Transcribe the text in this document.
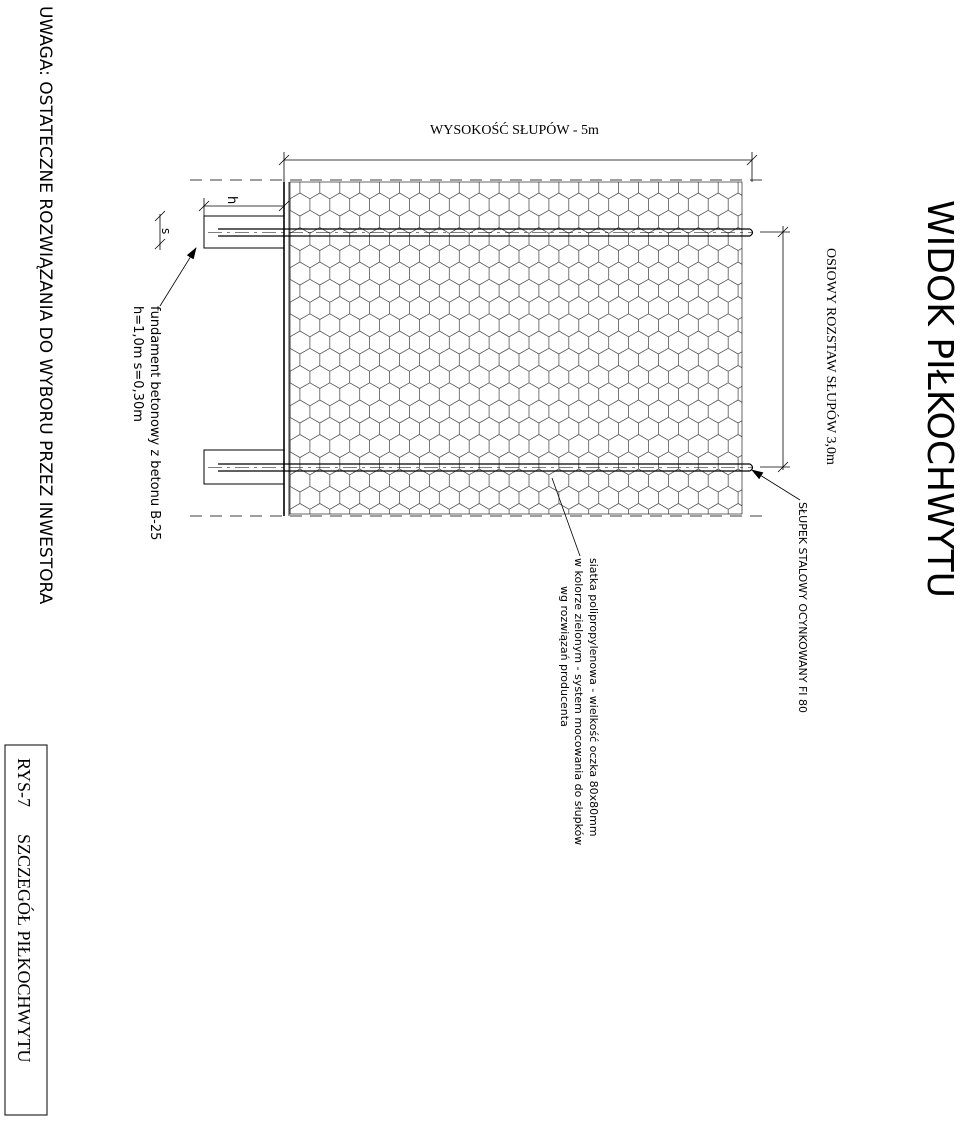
WIDOK PIŁKOCHWYTU
OSIOWY ROZSTAW SŁUPÓW 3,0m
SŁUPEK STALOWY OCYNKOWANY FI 80
siatka polipropylenowa - wielkość oczka 80x80mm
w kolorze zielonym - system mocowania do słupków
wg rozwiązań producenta
WYSOKOŚĆ SŁUPÓW - 5m
h
s
fundament betonowy z betonu B-25
h=1,0m s=0,30m
UWAGA: OSTATECZNE ROZWIĄZANIA DO WYBORU PRZEZ INWESTORA
RYS-7
SZCZEGÓŁ PIŁKOCHWYTU
